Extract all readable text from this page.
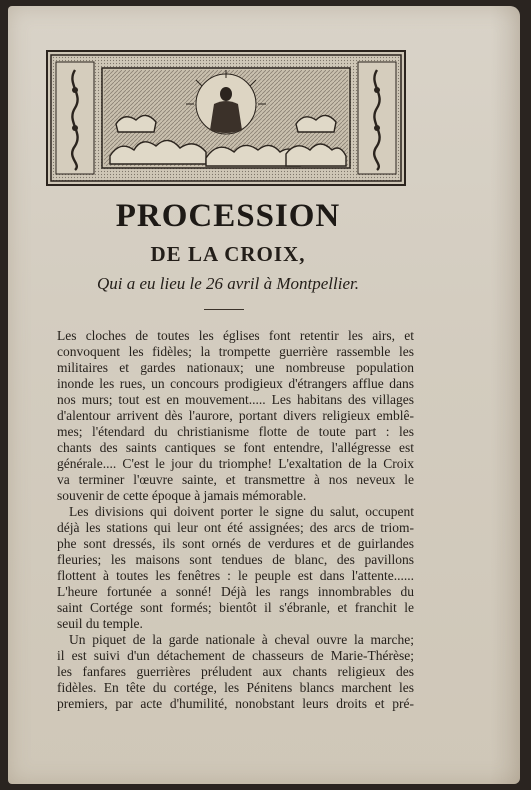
PROCESSION
DE LA CROIX,
Qui a eu lieu le 26 avril à Montpellier.
Les cloches de toutes les églises font retentir les airs, et
convoquent les fidèles; la trompette guerrière rassemble les
militaires et gardes nationaux; une nombreuse population
inonde les rues, un concours prodigieux d'étrangers afflue dans
nos murs; tout est en mouvement..... Les habitans des villages
d'alentour arrivent dès l'aurore, portant divers religieux emblê-
mes; l'étendard du christianisme flotte de toute part : les
chants des saints cantiques se font entendre, l'allégresse est
générale.... C'est le jour du triomphe! L'exaltation de la Croix
va terminer l'œuvre sainte, et transmettre à nos neveux le
souvenir de cette époque à jamais mémorable.
Les divisions qui doivent porter le signe du salut, occupent
déjà les stations qui leur ont été assignées; des arcs de triom-
phe sont dressés, ils sont ornés de verdures et de guirlandes
fleuries; les maisons sont tendues de blanc, des pavillons
flottent à toutes les fenêtres : le peuple est dans l'attente......
L'heure fortunée a sonné! Déjà les rangs innombrables du
saint Cortége sont formés; bientôt il s'ébranle, et franchit le
seuil du temple.
Un piquet de la garde nationale à cheval ouvre la marche;
il est suivi d'un détachement de chasseurs de Marie-Thérèse;
les fanfares guerrières préludent aux chants religieux des
fidèles. En tête du cortége, les Pénitens blancs marchent les
premiers, par acte d'humilité, nonobstant leurs droits et pré-
